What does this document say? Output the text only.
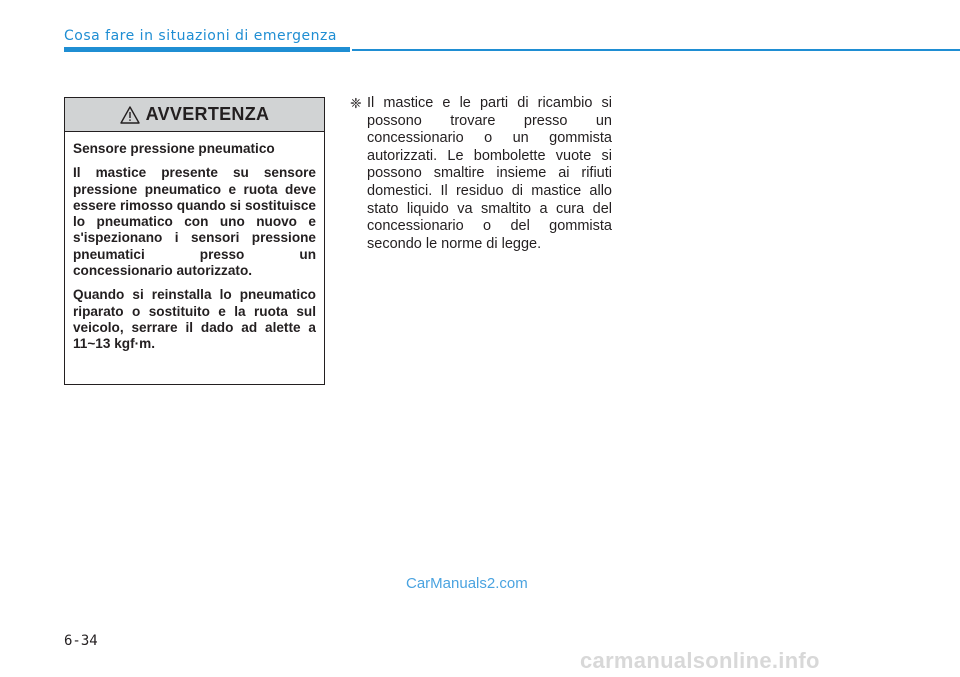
Cosa fare in situazioni di emergenza
AVVERTENZA

Sensore pressione pneumatico

Il mastice presente su sensore pressione pneumatico e ruota deve essere rimosso quando si sostituisce lo pneumatico con uno nuovo e s'ispezionano i sensori pressione pneumatici presso un concessionario autorizzato.

Quando si reinstalla lo pneumatico riparato o sostituito e la ruota sul veicolo, serrare il dado ad alette a 11~13 kgf·m.

❈ Il mastice e le parti di ricambio si possono trovare presso un concessionario o un gommista autorizzati. Le bombolette vuote si possono smaltire insieme ai rifiuti domestici. Il residuo di mastice allo stato liquido va smaltito a cura del concessionario o del gommista secondo le norme di legge.

CarManuals2.com
6-34
carmanualsonline.info
